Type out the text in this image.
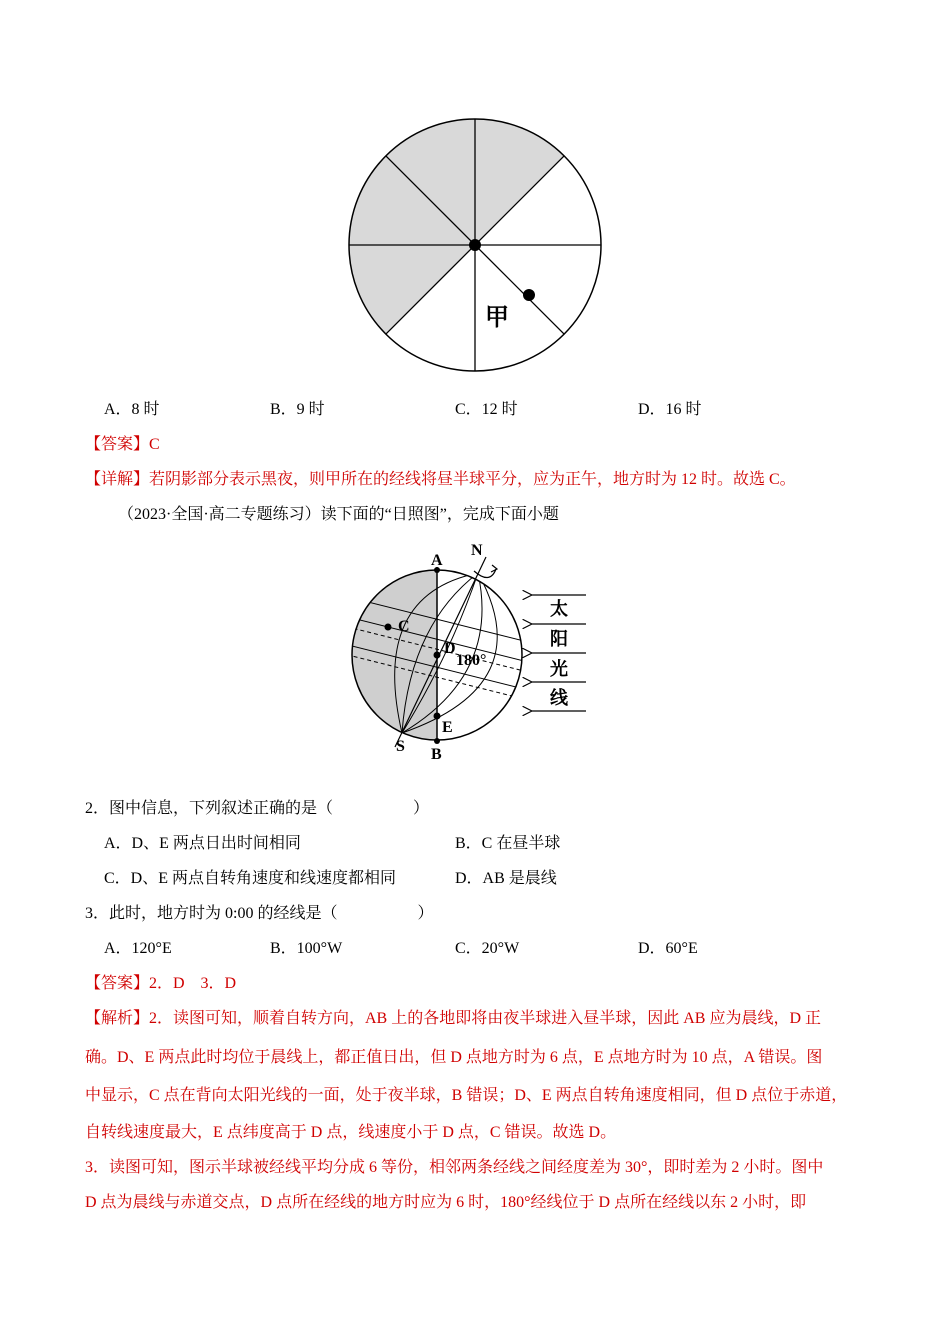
甲
A．8 时	B．9 时	C．12 时	D．16 时
【答案】C
【详解】若阴影部分表示黑夜，则甲所在的经线将昼半球平分，应为正午，地方时为 12 时。故选 C。
（2023·全国·高二专题练习）读下面的“日照图”，完成下面小题
A
N
C
D
180°
E
S B
太
阳
光
线
2．图中信息，下列叙述正确的是（　　　　　）
A．D、E 两点日出时间相同	B．C 在昼半球
C．D、E 两点自转角速度和线速度都相同	D．AB 是晨线
3．此时，地方时为 0:00 的经线是（　　　　　）
A．120°E	B．100°W	C．20°W	D．60°E
【答案】2．D　3．D
【解析】2．读图可知，顺着自转方向，AB 上的各地即将由夜半球进入昼半球，因此 AB 应为晨线，D 正
确。D、E 两点此时均位于晨线上，都正值日出，但 D 点地方时为 6 点，E 点地方时为 10 点，A 错误。图
中显示，C 点在背向太阳光线的一面，处于夜半球，B 错误；D、E 两点自转角速度相同，但 D 点位于赤道，
自转线速度最大，E 点纬度高于 D 点，线速度小于 D 点，C 错误。故选 D。
3．读图可知，图示半球被经线平均分成 6 等份，相邻两条经线之间经度差为 30°，即时差为 2 小时。图中
D 点为晨线与赤道交点，D 点所在经线的地方时应为 6 时，180°经线位于 D 点所在经线以东 2 小时，即
